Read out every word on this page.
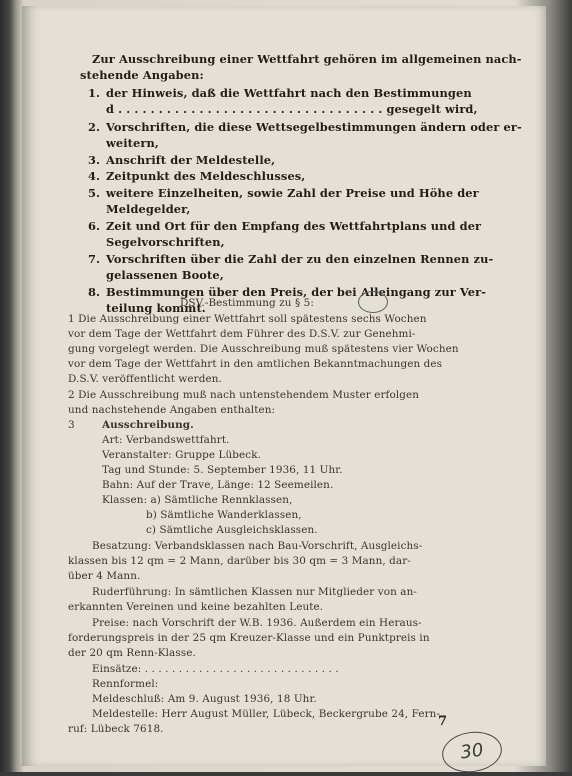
Zur Ausschreibung einer Wettfahrt gehören im allgemeinen nach-
stehende Angaben:
1. der Hinweis, daß die Wettfahrt nach den Bestimmungen
d . . . . . . . . . . . . . . . . . . . . . . . . . . . . . . . . . gesegelt wird,
2. Vorschriften, die diese Wettsegelbestimmungen ändern oder er-
weitern,
3. Anschrift der Meldestelle,
4. Zeitpunkt des Meldeschlusses,
5. weitere Einzelheiten, sowie Zahl der Preise und Höhe der
Meldegelder,
6. Zeit und Ort für den Empfang des Wettfahrtplans und der
Segelvorschriften,
7. Vorschriften über die Zahl der zu den einzelnen Rennen zu-
gelassenen Boote,
8. Bestimmungen über den Preis, der bei Alleingang zur Ver-
teilung kommt.
DSV.-Bestimmung zu § 5:
1 Die Ausschreibung einer Wettfahrt soll spätestens sechs Wochen
vor dem Tage der Wettfahrt dem Führer des D.S.V. zur Genehmi-
gung vorgelegt werden. Die Ausschreibung muß spätestens vier Wochen
vor dem Tage der Wettfahrt in den amtlichen Bekanntmachungen des
D.S.V. veröffentlicht werden.
2 Die Ausschreibung muß nach untenstehendem Muster erfolgen
und nachstehende Angaben enthalten:
3	Ausschreibung.
Art: Verbandswettfahrt.
Veranstalter: Gruppe Lübeck.
Tag und Stunde: 5. September 1936, 11 Uhr.
Bahn: Auf der Trave, Länge: 12 Seemeilen.
Klassen: a) Sämtliche Rennklassen,
b) Sämtliche Wanderklassen,
c) Sämtliche Ausgleichsklassen.
Besatzung: Verbandsklassen nach Bau-Vorschrift, Ausgleichs-
klassen bis 12 qm = 2 Mann, darüber bis 30 qm = 3 Mann, dar-
über 4 Mann.
Ruderführung: In sämtlichen Klassen nur Mitglieder von an-
erkannten Vereinen und keine bezahlten Leute.
Preise: nach Vorschrift der W.B. 1936. Außerdem ein Heraus-
forderungspreis in der 25 qm Kreuzer-Klasse und ein Punktpreis in
der 20 qm Renn-Klasse.
Einsätze: . . . . . . . . . . . . . . . . . . . . . . . . . . . . .
Rennformel:
Meldeschluß: Am 9. August 1936, 18 Uhr.
Meldestelle: Herr August Müller, Lübeck, Beckergrube 24, Fern-
ruf: Lübeck 7618.	7
30
